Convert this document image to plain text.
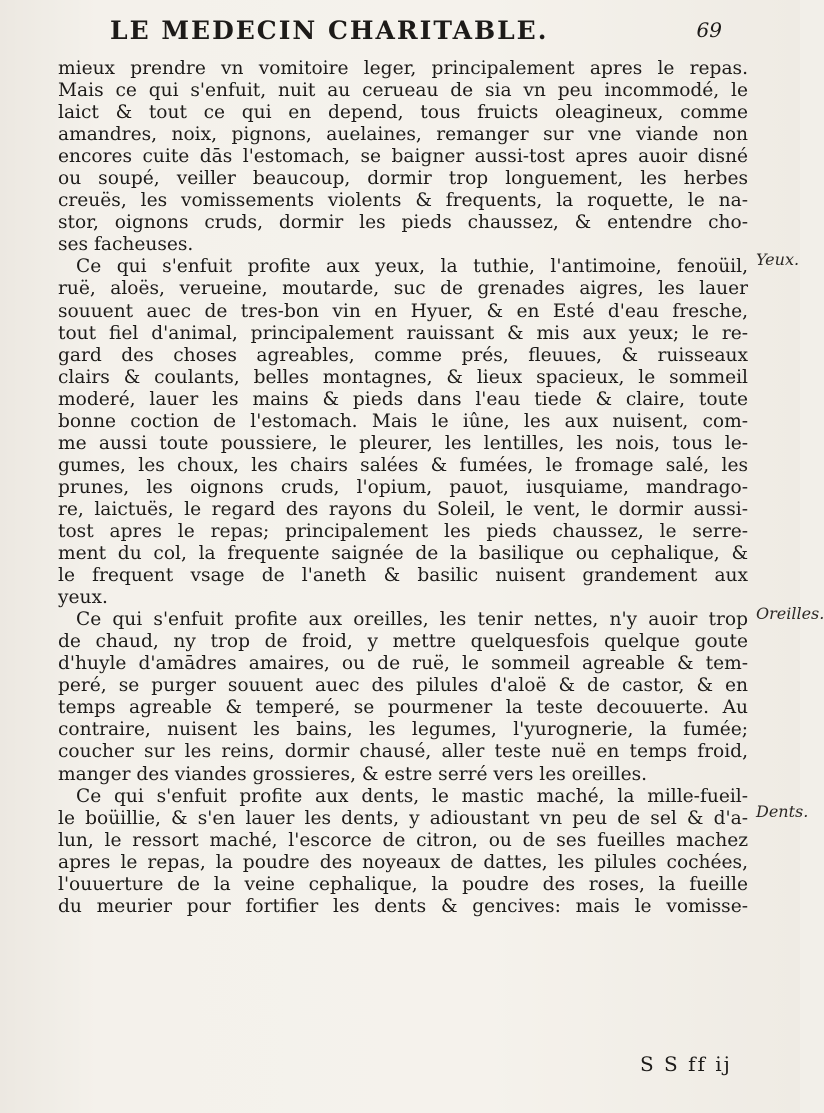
LE MEDECIN CHARITABLE.	69

mieux prendre vn vomitoire leger, principalement apres le repas.
Mais ce qui s'enfuit, nuit au cerueau de sia vn peu incommodé, le
laict & tout ce qui en depend, tous fruicts oleagineux, comme
amandres, noix, pignons, auelaines, remanger sur vne viande non
encores cuite dās l'estomach, se baigner aussi-tost apres auoir disné
ou soupé, veiller beaucoup, dormir trop longuement, les herbes
creuës, les vomissements violents & frequents, la roquette, le na-
stor, oignons cruds, dormir les pieds chaussez, & entendre cho-
ses facheuses.

Ce qui s'enfuit profite aux yeux, la tuthie, l'antimoine, fenoüil,
ruë, aloës, verueine, moutarde, suc de grenades aigres, les lauer
souuent auec de tres-bon vin en Hyuer, & en Esté d'eau fresche,
tout fiel d'animal, principalement rauissant & mis aux yeux; le re-
gard des choses agreables, comme prés, fleuues, & ruisseaux
clairs & coulants, belles montagnes, & lieux spacieux, le sommeil
moderé, lauer les mains & pieds dans l'eau tiede & claire, toute
bonne coction de l'estomach. Mais le iûne, les aux nuisent, com-
me aussi toute poussiere, le pleurer, les lentilles, les nois, tous le-
gumes, les choux, les chairs salées & fumées, le fromage salé, les
prunes, les oignons cruds, l'opium, pauot, iusquiame, mandrago-
re, laictuës, le regard des rayons du Soleil, le vent, le dormir aussi-
tost apres le repas; principalement les pieds chaussez, le serre-
ment du col, la frequente saignée de la basilique ou cephalique, &
le frequent vsage de l'aneth & basilic nuisent grandement aux
yeux.

Ce qui s'enfuit profite aux oreilles, les tenir nettes, n'y auoir trop
de chaud, ny trop de froid, y mettre quelquesfois quelque goute
d'huyle d'amādres amaires, ou de ruë, le sommeil agreable & tem-
peré, se purger souuent auec des pilules d'aloë & de castor, & en
temps agreable & temperé, se pourmener la teste decouuerte. Au
contraire, nuisent les bains, les legumes, l'yurognerie, la fumée;
coucher sur les reins, dormir chausé, aller teste nuë en temps froid,
manger des viandes grossieres, & estre serré vers les oreilles.

Ce qui s'enfuit profite aux dents, le mastic maché, la mille-fueil-
le boüillie, & s'en lauer les dents, y adioustant vn peu de sel & d'a-
lun, le ressort maché, l'escorce de citron, ou de ses fueilles machez
apres le repas, la poudre des noyeaux de dattes, les pilules cochées,
l'ouuerture de la veine cephalique, la poudre des roses, la fueille
du meurier pour fortifier les dents & gencives: mais le vomisse-

Yeux.
Oreilles.
Dents.
S S ff ij
